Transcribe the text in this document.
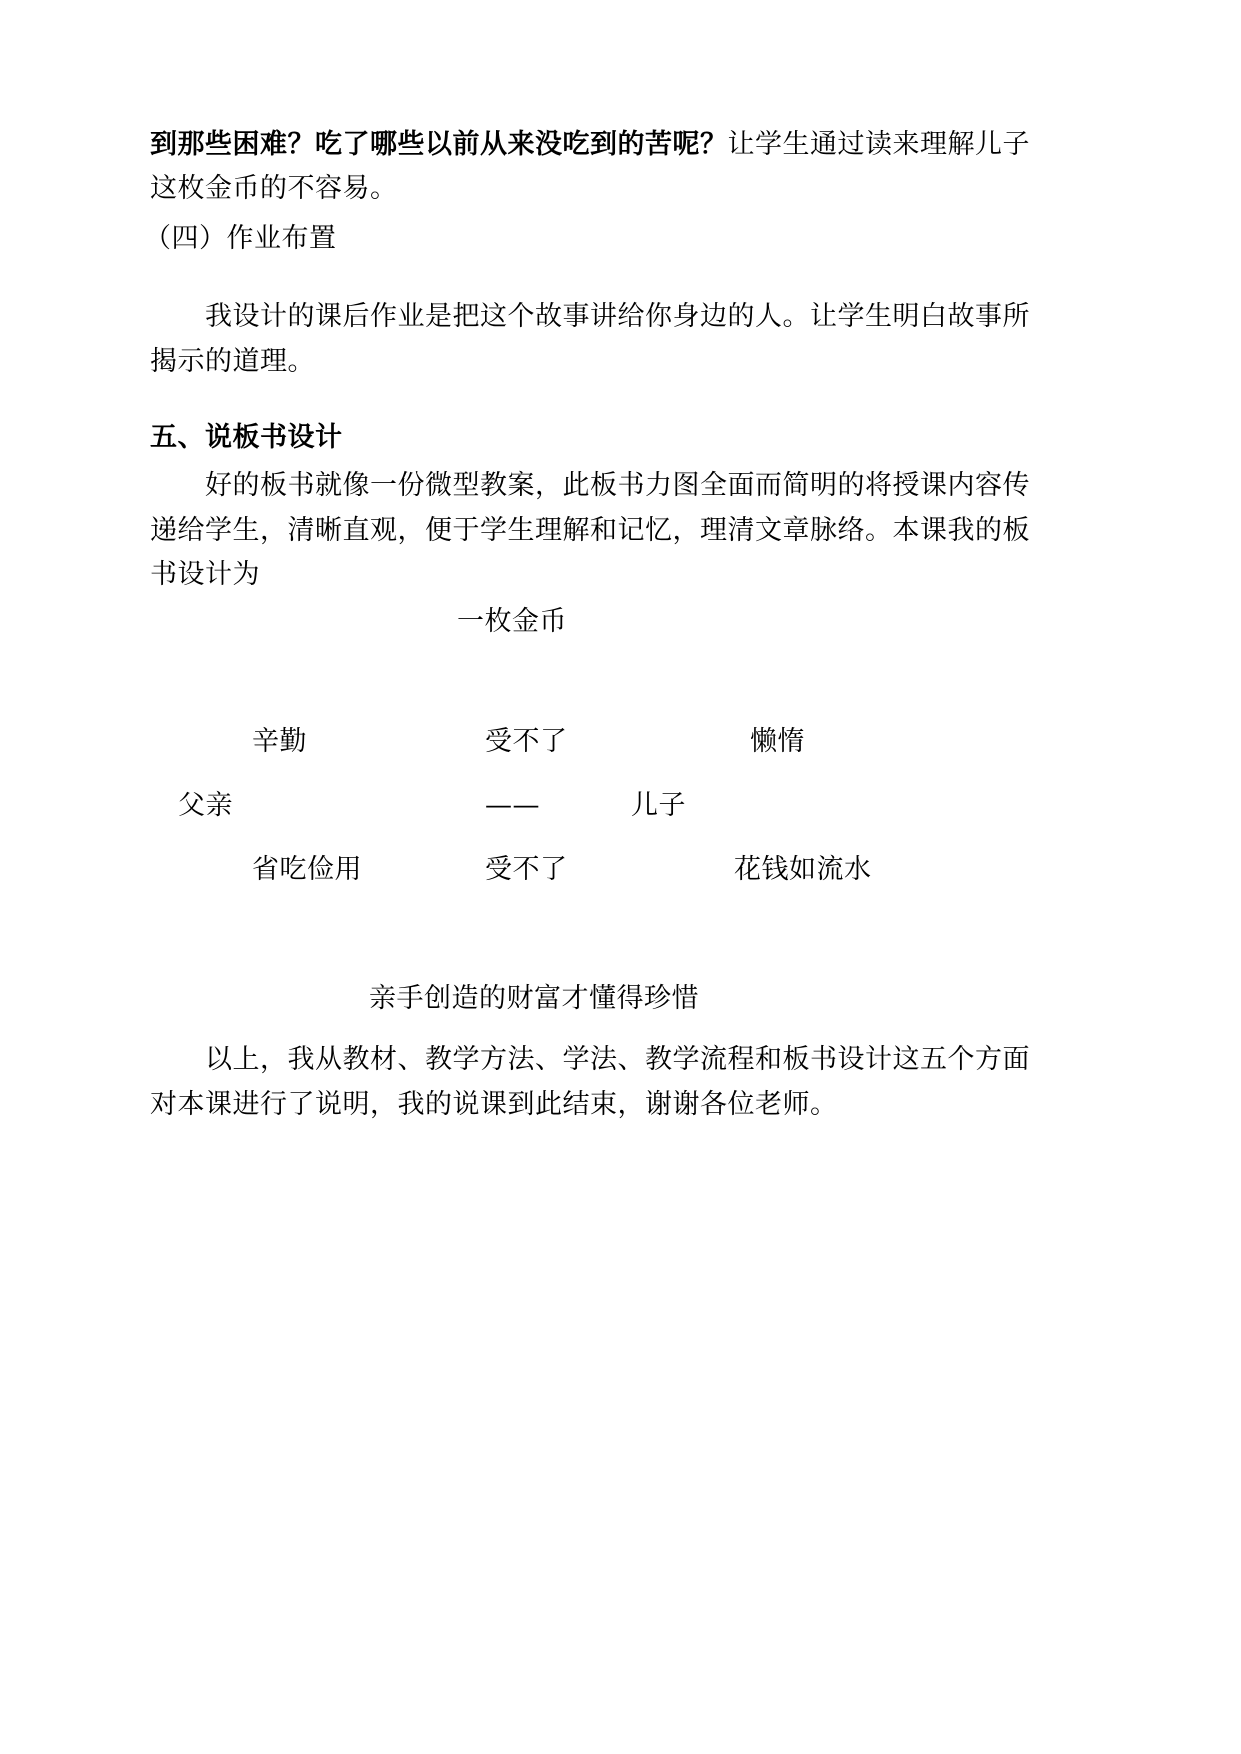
到那些困难？吃了哪些以前从来没吃到的苦呢？让学生通过读来理解儿子
这枚金币的不容易。
（四）作业布置
我设计的课后作业是把这个故事讲给你身边的人。让学生明白故事所
揭示的道理。
五、说板书设计
好的板书就像一份微型教案，此板书力图全面而简明的将授课内容传
递给学生，清晰直观，便于学生理解和记忆，理清文章脉络。本课我的板
书设计为
一枚金币
辛勤	受不了	懒惰
父亲	——	儿子
省吃俭用	受不了	花钱如流水
亲手创造的财富才懂得珍惜
以上，我从教材、教学方法、学法、教学流程和板书设计这五个方面
对本课进行了说明，我的说课到此结束，谢谢各位老师。
